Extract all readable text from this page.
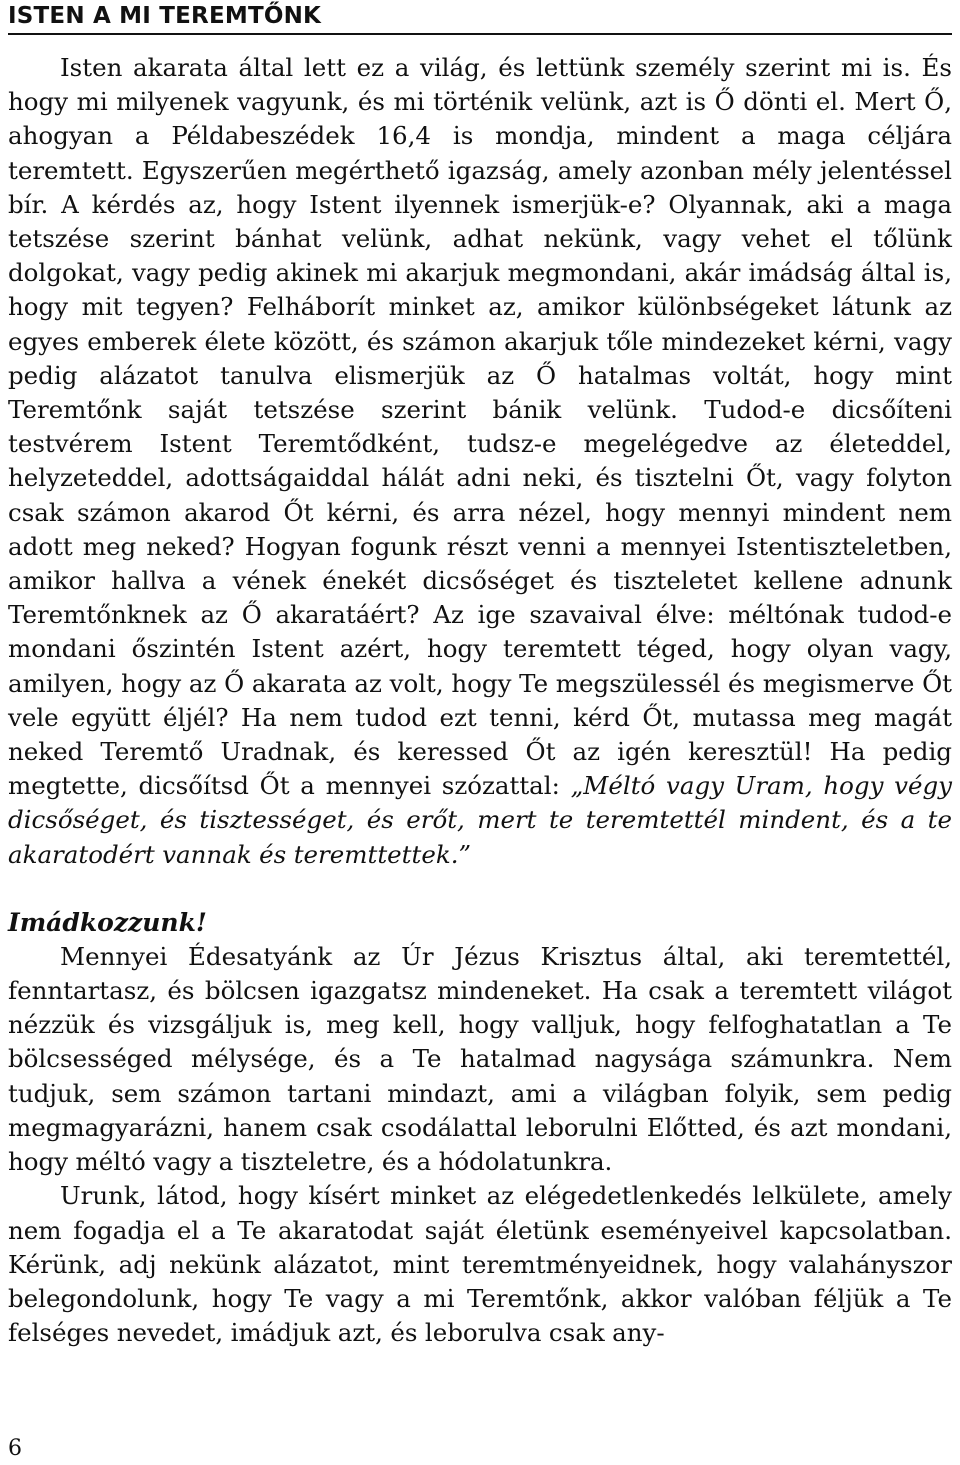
ISTEN A MI TEREMTŐNK

Isten akarata által lett ez a világ, és lettünk személy szerint mi is. És hogy mi milyenek vagyunk, és mi történik velünk, azt is Ő dönti el. Mert Ő, ahogyan a Példabeszédek 16,4 is mondja, mindent a maga céljára teremtett. Egyszerűen megérthető igazság, amely azonban mély jelentéssel bír. A kérdés az, hogy Istent ilyennek ismerjük-e? Olyannak, aki a maga tetszése szerint bánhat velünk, adhat nekünk, vagy vehet el tőlünk dolgokat, vagy pedig akinek mi akarjuk megmondani, akár imádság által is, hogy mit tegyen? Felháborít minket az, amikor különbségeket látunk az egyes emberek élete között, és számon akarjuk tőle mindezeket kérni, vagy pedig alázatot tanulva elismerjük az Ő hatalmas voltát, hogy mint Teremtőnk saját tetszése szerint bánik velünk. Tudod-e dicsőíteni testvérem Istent Teremtődként, tudsz-e megelégedve az életeddel, helyzeteddel, adottságaiddal hálát adni neki, és tisztelni Őt, vagy folyton csak számon akarod Őt kérni, és arra nézel, hogy mennyi mindent nem adott meg neked? Hogyan fogunk részt venni a mennyei Istentiszteletben, amikor hallva a vének énekét dicsőséget és tiszteletet kellene adnunk Teremtőnknek az Ő akaratáért? Az ige szavaival élve: méltónak tudod-e mondani őszintén Istent azért, hogy teremtett téged, hogy olyan vagy, amilyen, hogy az Ő akarata az volt, hogy Te megszülessél és megismerve Őt vele együtt éljél? Ha nem tudod ezt tenni, kérd Őt, mutassa meg magát neked Teremtő Uradnak, és keressed Őt az igén keresztül! Ha pedig megtette, dicsőítsd Őt a mennyei szózattal: „Méltó vagy Uram, hogy végy dicsőséget, és tisztességet, és erőt, mert te teremtettél mindent, és a te akaratodért vannak és teremttettek.”

Imádkozzunk!

Mennyei Édesatyánk az Úr Jézus Krisztus által, aki teremtettél, fenntartasz, és bölcsen igazgatsz mindeneket. Ha csak a teremtett világot nézzük és vizsgáljuk is, meg kell, hogy valljuk, hogy felfoghatatlan a Te bölcsességed mélysége, és a Te hatalmad nagysága számunkra. Nem tudjuk, sem számon tartani mindazt, ami a világban folyik, sem pedig megmagyarázni, hanem csak csodálattal leborulni Előtted, és azt mondani, hogy méltó vagy a tiszteletre, és a hódolatunkra.

Urunk, látod, hogy kísért minket az elégedetlenkedés lelkülete, amely nem fogadja el a Te akaratodat saját életünk eseményeivel kapcsolatban. Kérünk, adj nekünk alázatot, mint teremtményeidnek, hogy valahányszor belegondolunk, hogy Te vagy a mi Teremtőnk, akkor valóban féljük a Te felséges nevedet, imádjuk azt, és leborulva csak any-

6
